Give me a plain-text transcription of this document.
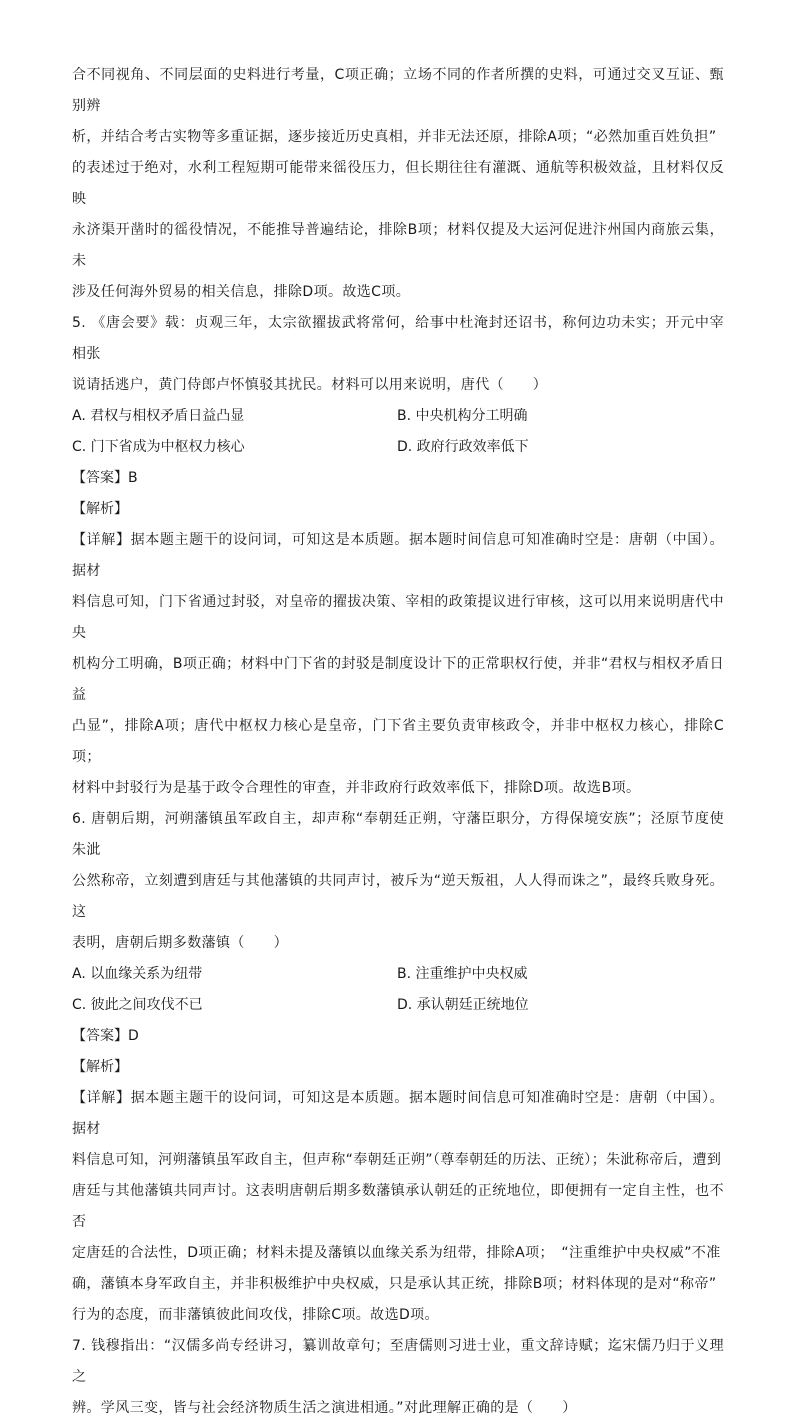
合不同视角、不同层面的史料进行考量，C项正确；立场不同的作者所撰的史料，可通过交叉互证、甄别辨

析，并结合考古实物等多重证据，逐步接近历史真相，并非无法还原，排除A项；“必然加重百姓负担”

的表述过于绝对，水利工程短期可能带来徭役压力，但长期往往有灌溉、通航等积极效益，且材料仅反映

永济渠开凿时的徭役情况，不能推导普遍结论，排除B项；材料仅提及大运河促进汴州国内商旅云集，未

涉及任何海外贸易的相关信息，排除D项。故选C项。

5. 《唐会要》载：贞观三年，太宗欲擢拔武将常何，给事中杜淹封还诏书，称何边功未实；开元中宰相张

说请括逃户，黄门侍郎卢怀慎驳其扰民。材料可以用来说明，唐代（　　）

A. 君权与相权矛盾日益凸显	B. 中央机构分工明确
C. 门下省成为中枢权力核心	D. 政府行政效率低下
【答案】B
【解析】

【详解】据本题主题干的设问词，可知这是本质题。据本题时间信息可知准确时空是：唐朝（中国）。据材

料信息可知，门下省通过封驳，对皇帝的擢拔决策、宰相的政策提议进行审核，这可以用来说明唐代中央

机构分工明确，B项正确；材料中门下省的封驳是制度设计下的正常职权行使，并非“君权与相权矛盾日益

凸显”，排除A项；唐代中枢权力核心是皇帝，门下省主要负责审核政令，并非中枢权力核心，排除C项；

材料中封驳行为是基于政令合理性的审查，并非政府行政效率低下，排除D项。故选B项。

6. 唐朝后期，河朔藩镇虽军政自主，却声称“奉朝廷正朔，守藩臣职分，方得保境安族”；泾原节度使朱泚

公然称帝，立刻遭到唐廷与其他藩镇的共同声讨，被斥为“逆天叛祖，人人得而诛之”，最终兵败身死。这

表明，唐朝后期多数藩镇（　　）

A. 以血缘关系为纽带	B. 注重维护中央权威
C. 彼此之间攻伐不已	D. 承认朝廷正统地位
【答案】D
【解析】

【详解】据本题主题干的设问词，可知这是本质题。据本题时间信息可知准确时空是：唐朝（中国）。据材

料信息可知，河朔藩镇虽军政自主，但声称“奉朝廷正朔”（尊奉朝廷的历法、正统）；朱泚称帝后，遭到

唐廷与其他藩镇共同声讨。这表明唐朝后期多数藩镇承认朝廷的正统地位，即便拥有一定自主性，也不否

定唐廷的合法性，D项正确；材料未提及藩镇以血缘关系为纽带，排除A项；　“注重维护中央权威”不准

确，藩镇本身军政自主，并非积极维护中央权威，只是承认其正统，排除B项；材料体现的是对“称帝”

行为的态度，而非藩镇彼此间攻伐，排除C项。故选D项。

7. 钱穆指出：“汉儒多尚专经讲习，纂训故章句；至唐儒则习进士业，重文辞诗赋；迄宋儒乃归于义理之

辨。学风三变，皆与社会经济物质生活之演进相通。”对此理解正确的是（　　）
